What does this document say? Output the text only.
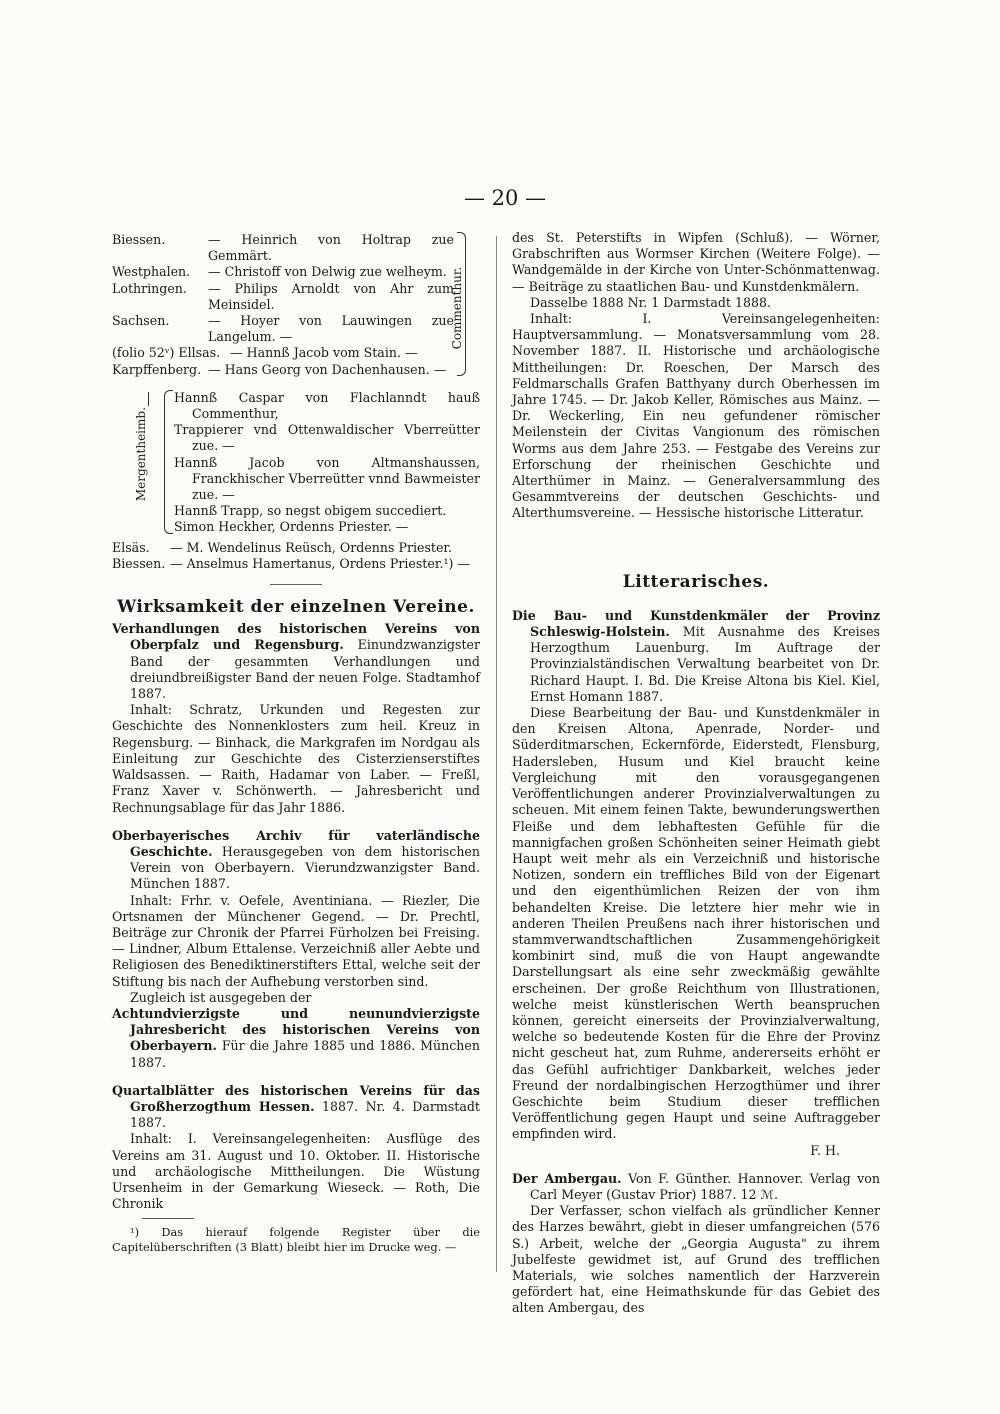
— 20 —
Biessen.	— Heinrich von Holtrap zue Gemmärt.
Westphalen.	— Christoff von Delwig zue welheym.
Lothringen.	— Philips Arnoldt von Ahr zum Meinsidel.
Sachsen.	— Hoyer von Lauwingen zue Langelum. —
(folio 52ᵛ) Ellsas. — Hannß Jacob vom Stain. —
Karpffenberg. — Hans Georg von Dachenhausen. —
Commenthur.
Mergentheimb.

Hannß Caspar von Flachlanndt hauß Commenthur,

Trappierer vnd Ottenwaldischer Vberreütter zue. —

Hannß Jacob von Altmanshaussen, Franckhischer Vberreütter vnnd Bawmeister zue. —

Hannß Trapp, so negst obigem succediert.

Simon Heckher, Ordenns Priester. —

Elsäs.	— M. Wendelinus Reüsch, Ordenns Priester.
Biessen. — Anselmus Hamertanus, Ordens Priester.¹) —
Wirksamkeit der einzelnen Vereine.

Verhandlungen des historischen Vereins von Oberpfalz und Regensburg. Einundzwanzigster Band der gesammten Verhandlungen und dreiundbreißigster Band der neuen Folge. Stadtamhof 1887.

Inhalt: Schratz, Urkunden und Regesten zur Geschichte des Nonnenklosters zum heil. Kreuz in Regensburg. — Binhack, die Markgrafen im Nordgau als Einleitung zur Geschichte des Cisterzienserstiftes Waldsassen. — Raith, Hadamar von Laber. — Freßl, Franz Xaver v. Schönwerth. — Jahresbericht und Rechnungsablage für das Jahr 1886.

Oberbayerisches Archiv für vaterländische Geschichte. Herausgegeben von dem historischen Verein von Oberbayern. Vierundzwanzigster Band. München 1887.

Inhalt: Frhr. v. Oefele, Aventiniana. — Riezler, Die Ortsnamen der Münchener Gegend. — Dr. Prechtl, Beiträge zur Chronik der Pfarrei Fürholzen bei Freising. — Lindner, Album Ettalense. Verzeichniß aller Aebte und Religiosen des Benediktinerstifters Ettal, welche seit der Stiftung bis nach der Aufhebung verstorben sind.

Zugleich ist ausgegeben der

Achtundvierzigste und neunundvierzigste Jahresbericht des historischen Vereins von Oberbayern. Für die Jahre 1885 und 1886. München 1887.

Quartalblätter des historischen Vereins für das Großherzogthum Hessen. 1887. Nr. 4. Darmstadt 1887.

Inhalt: I. Vereinsangelegenheiten: Ausflüge des Vereins am 31. August und 10. Oktober. II. Historische und archäologische Mittheilungen. Die Wüstung Ursenheim in der Gemarkung Wieseck. — Roth, Die Chronik

¹) Das hierauf folgende Register über die Capitelüberschriften (3 Blatt) bleibt hier im Drucke weg. —

des St. Peterstifts in Wipfen (Schluß). — Wörner, Grabschriften aus Wormser Kirchen (Weitere Folge). — Wandgemälde in der Kirche von Unter-Schönmattenwag. — Beiträge zu staatlichen Bau- und Kunstdenkmälern.

Dasselbe 1888 Nr. 1 Darmstadt 1888.

Inhalt: I. Vereinsangelegenheiten: Hauptversammlung. — Monatsversammlung vom 28. November 1887. II. Historische und archäologische Mittheilungen: Dr. Roeschen, Der Marsch des Feldmarschalls Grafen Batthyany durch Oberhessen im Jahre 1745. — Dr. Jakob Keller, Römisches aus Mainz. — Dr. Weckerling, Ein neu gefundener römischer Meilenstein der Civitas Vangionum des römischen Worms aus dem Jahre 253. — Festgabe des Vereins zur Erforschung der rheinischen Geschichte und Alterthümer in Mainz. — Generalversammlung des Gesammtvereins der deutschen Geschichts- und Alterthumsvereine. — Hessische historische Litteratur.

Litterarisches.

Die Bau- und Kunstdenkmäler der Provinz Schleswig-Holstein. Mit Ausnahme des Kreises Herzogthum Lauenburg. Im Auftrage der Provinzialständischen Verwaltung bearbeitet von Dr. Richard Haupt. I. Bd. Die Kreise Altona bis Kiel. Kiel, Ernst Homann 1887.

Diese Bearbeitung der Bau- und Kunstdenkmäler in den Kreisen Altona, Apenrade, Norder- und Süderditmarschen, Eckernförde, Eiderstedt, Flensburg, Hadersleben, Husum und Kiel braucht keine Vergleichung mit den vorausgegangenen Veröffentlichungen anderer Provinzialverwaltungen zu scheuen. Mit einem feinen Takte, bewunderungswerthen Fleiße und dem lebhaftesten Gefühle für die mannigfachen großen Schönheiten seiner Heimath giebt Haupt weit mehr als ein Verzeichniß und historische Notizen, sondern ein treffliches Bild von der Eigenart und den eigenthümlichen Reizen der von ihm behandelten Kreise. Die letztere hier mehr wie in anderen Theilen Preußens nach ihrer historischen und stammverwandtschaftlichen Zusammengehörigkeit kombinirt sind, muß die von Haupt angewandte Darstellungsart als eine sehr zweckmäßig gewählte erscheinen. Der große Reichthum von Illustrationen, welche meist künstlerischen Werth beanspruchen können, gereicht einerseits der Provinzialverwaltung, welche so bedeutende Kosten für die Ehre der Provinz nicht gescheut hat, zum Ruhme, andererseits erhöht er das Gefühl aufrichtiger Dankbarkeit, welches jeder Freund der nordalbingischen Herzogthümer und ihrer Geschichte beim Studium dieser trefflichen Veröffentlichung gegen Haupt und seine Auftraggeber empfinden wird.

F. H.

Der Ambergau. Von F. Günther. Hannover. Verlag von Carl Meyer (Gustav Prior) 1887. 12 ℳ.

Der Verfasser, schon vielfach als gründlicher Kenner des Harzes bewährt, giebt in dieser umfangreichen (576 S.) Arbeit, welche der „Georgia Augusta" zu ihrem Jubelfeste gewidmet ist, auf Grund des trefflichen Materials, wie solches namentlich der Harzverein gefördert hat, eine Heimathskunde für das Gebiet des alten Ambergau, des
